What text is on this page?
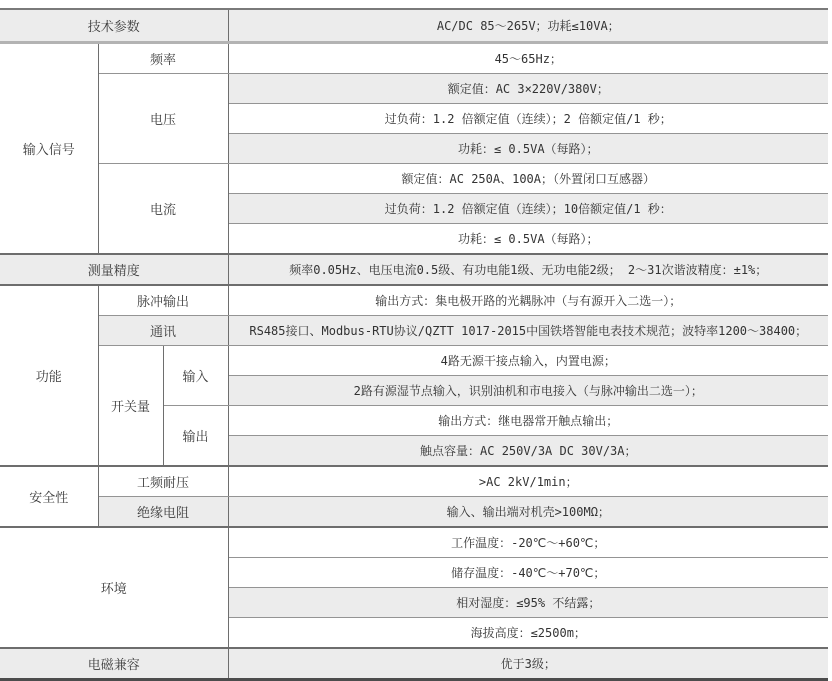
技术参数			AC/DC 85～265V；功耗≤10VA；
输入信号	频率		45～65Hz；
	电压		额定值：AC 3×220V/380V；
			过负荷：1.2 倍额定值（连续）；2 倍额定值/1 秒；
			功耗：≤ 0.5VA（每路）；
	电流		额定值：AC 250A、100A；（外置闭口互感器）
			过负荷：1.2 倍额定值（连续）；10倍额定值/1 秒：
			功耗：≤ 0.5VA（每路）；
测量精度			频率0.05Hz、电压电流0.5级、有功电能1级、无功电能2级； 2～31次谐波精度：±1%；
功能	脉冲输出		输出方式：集电极开路的光耦脉冲（与有源开入二选一）；
	通讯		RS485接口、Modbus-RTU协议/QZTT 1017-2015中国铁塔智能电表技术规范；波特率1200～38400；
	开关量	输入	4路无源干接点输入，内置电源；
			2路有源湿节点输入，识别油机和市电接入（与脉冲输出二选一）；
		输出	输出方式：继电器常开触点输出；
			触点容量：AC 250V/3A DC 30V/3A；
安全性	工频耐压		>AC 2kV/1min；
	绝缘电阻		输入、输出端对机壳>100MΩ；
环境			工作温度：-20℃～+60℃；
			储存温度：-40℃～+70℃；
			相对湿度：≤95% 不结露；
			海拔高度：≤2500m；
电磁兼容			优于3级；
